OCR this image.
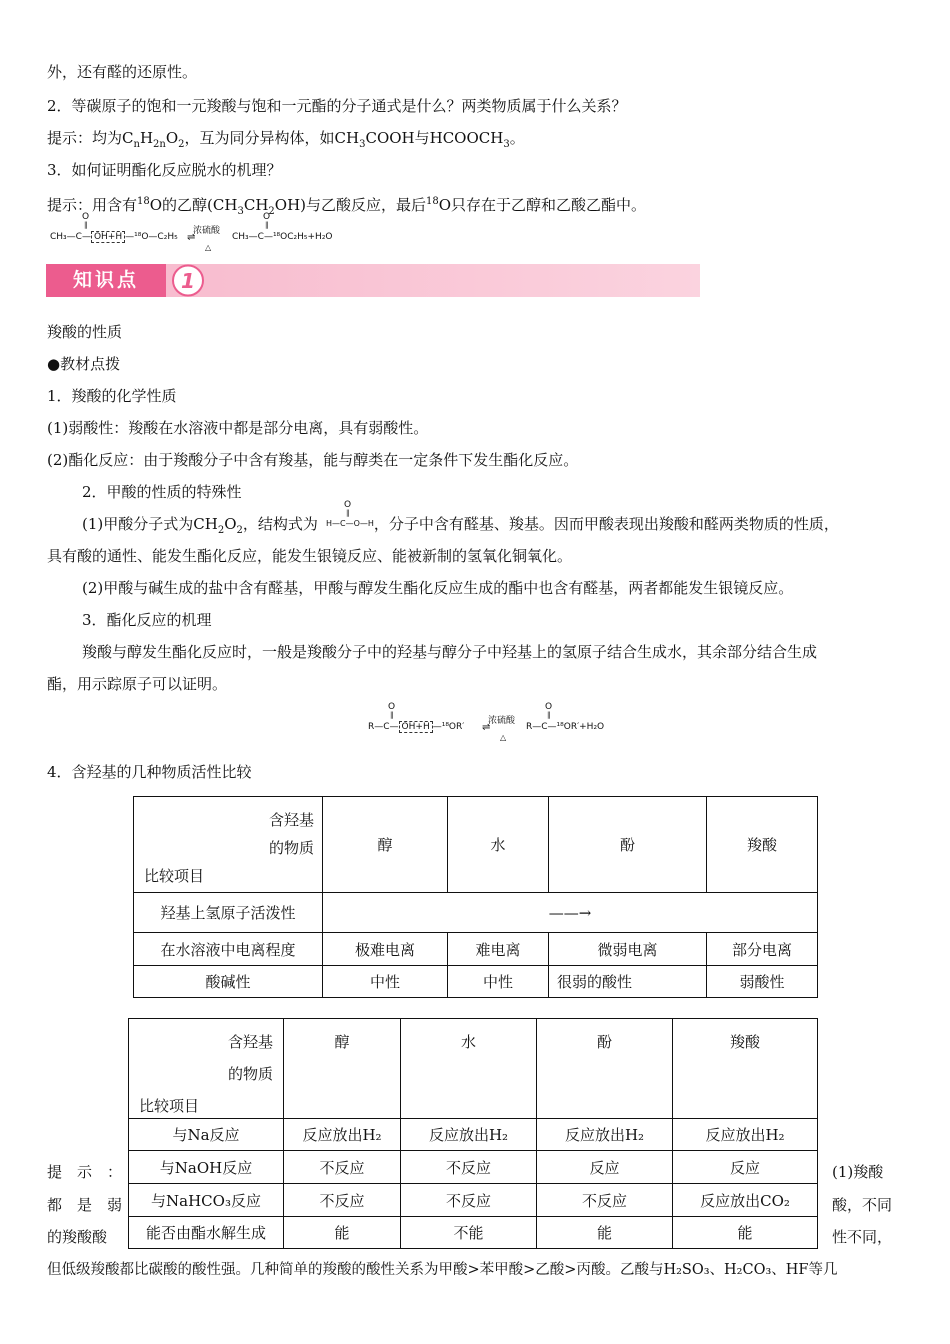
外，还有醛的还原性。
2．等碳原子的饱和一元羧酸与饱和一元酯的分子通式是什么？两类物质属于什么关系？
提示：均为$C_nH_{2n}O_2$，互为同分异构体，如$CH_3COOH$与$HCOOCH_3$。
3．如何证明酯化反应脱水的机理？
提示：用含有$^{18}$O的乙醇$(CH_3CH_2OH)$与乙酸反应，最后$^{18}$O只存在于乙醇和乙酸乙酯中。
O
‖
CH₃—C— OH+H —¹⁸O—C₂H₅
浓硫酸
⇌
△
O
‖
CH₃—C—¹⁸OC₂H₅+H₂O
知识点	1
羧酸的性质
●教材点拨
1．羧酸的化学性质
(1)弱酸性：羧酸在水溶液中都是部分电离，具有弱酸性。
(2)酯化反应：由于羧酸分子中含有羧基，能与醇类在一定条件下发生酯化反应。
2．甲酸的性质的特殊性
(1)甲酸分子式为$CH_2O_2$，结构式为	，分子中含有醛基、羧基。因而甲酸表现出羧酸和醛两类物质的性质，
O
‖
H—C—O—H
具有酸的通性、能发生酯化反应，能发生银镜反应、能被新制的氢氧化铜氧化。
(2)甲酸与碱生成的盐中含有醛基，甲酸与醇发生酯化反应生成的酯中也含有醛基，两者都能发生银镜反应。
3．酯化反应的机理
羧酸与醇发生酯化反应时，一般是羧酸分子中的羟基与醇分子中羟基上的氢原子结合生成水，其余部分结合生成
酯，用示踪原子可以证明。
O
‖
R—C— OH+H —¹⁸OR′
浓硫酸
⇌
△
O
‖
R—C—¹⁸OR′+H₂O
4．含羟基的几种物质活性比较
含羟基
的物质
比较项目	醇	水	酚	羧酸
羟基上氢原子活泼性	——→			
在水溶液中电离程度	极难电离	难电离	微弱电离	部分电离
酸碱性	中性	中性	很弱的酸性	弱酸性
含羟基
的物质
比较项目	醇	水	酚	羧酸
与Na反应	反应放出H₂	反应放出H₂	反应放出H₂	反应放出H₂
与NaOH反应	不反应	不反应	反应	反应
与NaHCO₃反应	不反应	不反应	不反应	反应放出CO₂
能否由酯水解生成	能	不能	能	能
提　示　：
都　是　弱
的羧酸酸
(1)羧酸
酸，不同
性不同，
但低级羧酸都比碳酸的酸性强。几种简单的羧酸的酸性关系为甲酸>苯甲酸>乙酸>丙酸。乙酸与H₂SO₃、H₂CO₃、HF等几
